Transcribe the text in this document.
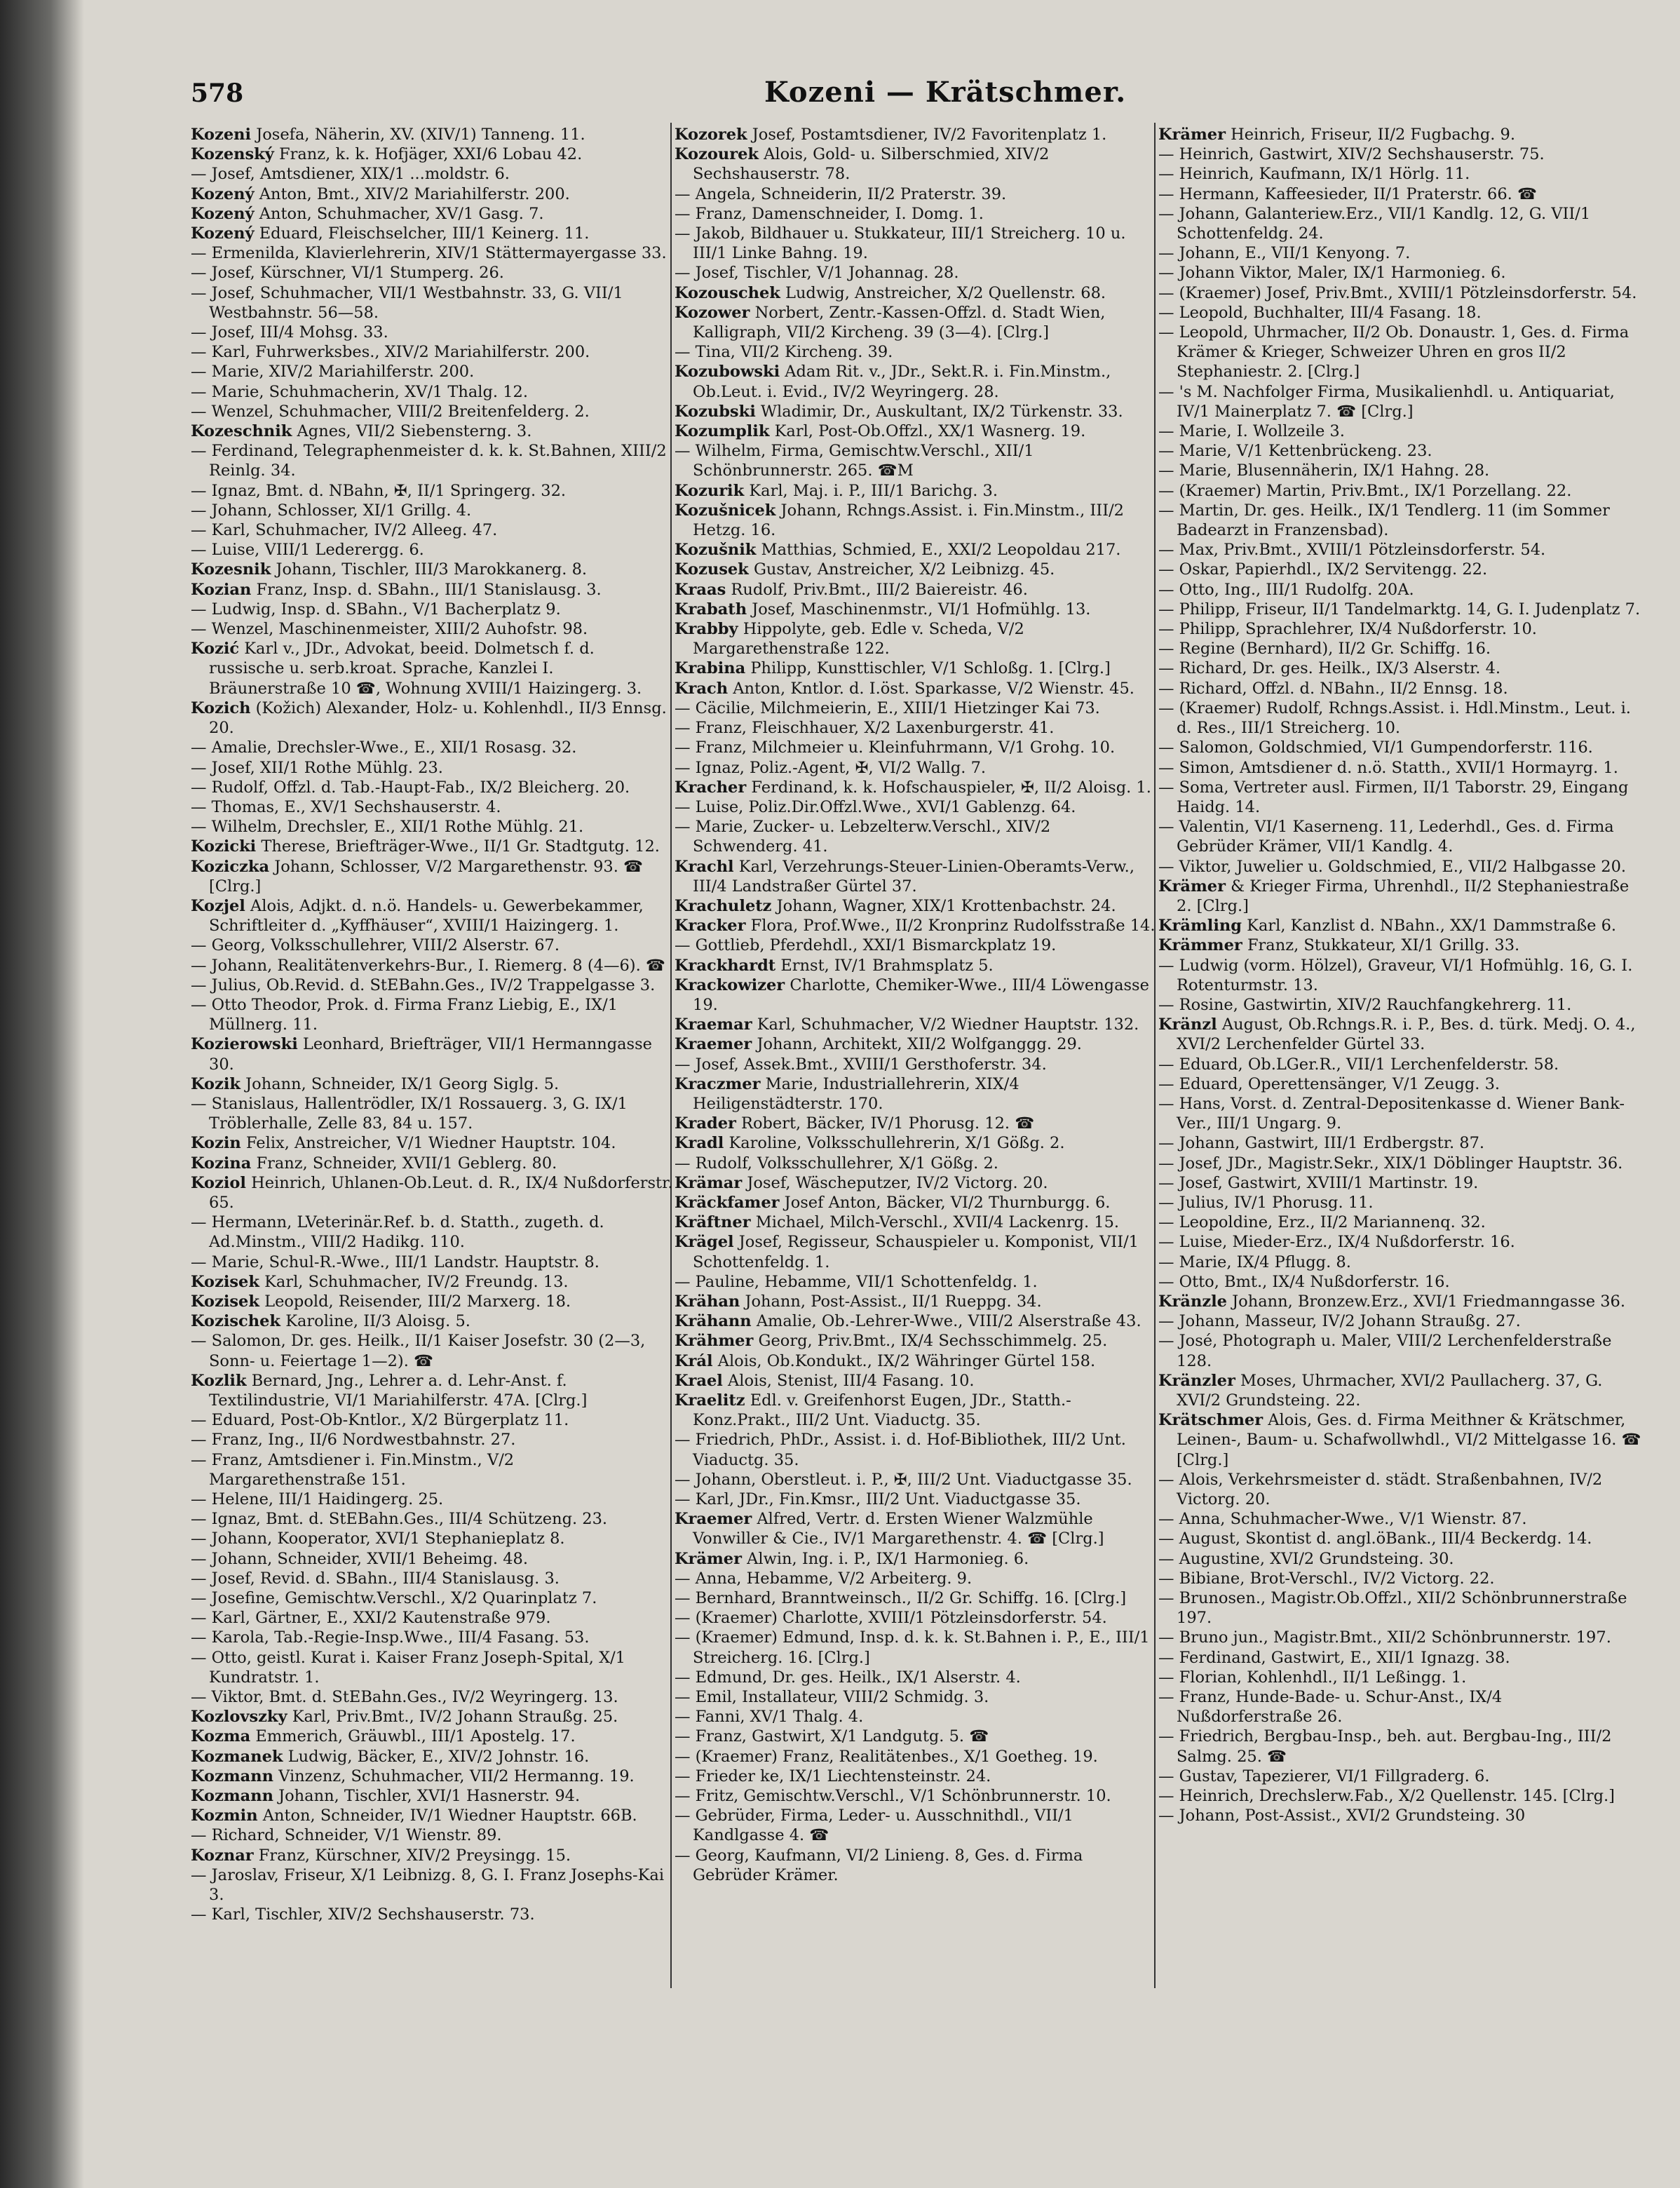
578	Kozeni — Krätschmer.

Kozeni Josefa, Näherin, XV. (XIV/1) Tanneng. 11.

Kozenský Franz, k. k. Hofjäger, XXI/6 Lobau 42.

— Josef, Amtsdiener, XIX/1 ...moldstr. 6.

Kozený Anton, Bmt., XIV/2 Mariahilferstr. 200.

Kozený Anton, Schuhmacher, XV/1 Gasg. 7.

Kozený Eduard, Fleischselcher, III/1 Keinerg. 11.

— Ermenilda, Klavierlehrerin, XIV/1 Stättermayergasse 33.

— Josef, Kürschner, VI/1 Stumperg. 26.

— Josef, Schuhmacher, VII/1 Westbahnstr. 33, G. VII/1 Westbahnstr. 56—58.

— Josef, III/4 Mohsg. 33.

— Karl, Fuhrwerksbes., XIV/2 Mariahilferstr. 200.

— Marie, XIV/2 Mariahilferstr. 200.

— Marie, Schuhmacherin, XV/1 Thalg. 12.

— Wenzel, Schuhmacher, VIII/2 Breitenfelderg. 2.

Kozeschnik Agnes, VII/2 Siebensterng. 3.

— Ferdinand, Telegraphenmeister d. k. k. St.Bahnen, XIII/2 Reinlg. 34.

— Ignaz, Bmt. d. NBahn, ✠, II/1 Springerg. 32.

— Johann, Schlosser, XI/1 Grillg. 4.

— Karl, Schuhmacher, IV/2 Alleeg. 47.

— Luise, VIII/1 Lederergg. 6.

Kozesnik Johann, Tischler, III/3 Marokkanerg. 8.

Kozian Franz, Insp. d. SBahn., III/1 Stanislausg. 3.

— Ludwig, Insp. d. SBahn., V/1 Bacherplatz 9.

— Wenzel, Maschinenmeister, XIII/2 Auhofstr. 98.

Kozić Karl v., JDr., Advokat, beeid. Dolmetsch f. d. russische u. serb.kroat. Sprache, Kanzlei I. Bräunerstraße 10 ☎, Wohnung XVIII/1 Haizingerg. 3.

Kozich (Kožich) Alexander, Holz- u. Kohlenhdl., II/3 Ennsg. 20.

— Amalie, Drechsler-Wwe., E., XII/1 Rosasg. 32.

— Josef, XII/1 Rothe Mühlg. 23.

— Rudolf, Offzl. d. Tab.-Haupt-Fab., IX/2 Bleicherg. 20.

— Thomas, E., XV/1 Sechshauserstr. 4.

— Wilhelm, Drechsler, E., XII/1 Rothe Mühlg. 21.

Kozicki Therese, Briefträger-Wwe., II/1 Gr. Stadtgutg. 12.

Koziczka Johann, Schlosser, V/2 Margarethenstr. 93. ☎ [Clrg.]

Kozjel Alois, Adjkt. d. n.ö. Handels- u. Gewerbekammer, Schriftleiter d. „Kyffhäuser“, XVIII/1 Haizingerg. 1.

— Georg, Volksschullehrer, VIII/2 Alserstr. 67.

— Johann, Realitätenverkehrs-Bur., I. Riemerg. 8 (4—6). ☎

— Julius, Ob.Revid. d. StEBahn.Ges., IV/2 Trappelgasse 3.

— Otto Theodor, Prok. d. Firma Franz Liebig, E., IX/1 Müllnerg. 11.

Kozierowski Leonhard, Briefträger, VII/1 Hermanngasse 30.

Kozik Johann, Schneider, IX/1 Georg Siglg. 5.

— Stanislaus, Hallentrödler, IX/1 Rossauerg. 3, G. IX/1 Tröblerhalle, Zelle 83, 84 u. 157.

Kozin Felix, Anstreicher, V/1 Wiedner Hauptstr. 104.

Kozina Franz, Schneider, XVII/1 Geblerg. 80.

Koziol Heinrich, Uhlanen-Ob.Leut. d. R., IX/4 Nußdorferstr. 65.

— Hermann, LVeterinär.Ref. b. d. Statth., zugeth. d. Ad.Minstm., VIII/2 Hadikg. 110.

— Marie, Schul-R.-Wwe., III/1 Landstr. Hauptstr. 8.

Kozisek Karl, Schuhmacher, IV/2 Freundg. 13.

Kozisek Leopold, Reisender, III/2 Marxerg. 18.

Kozischek Karoline, II/3 Aloisg. 5.

— Salomon, Dr. ges. Heilk., II/1 Kaiser Josefstr. 30 (2—3, Sonn- u. Feiertage 1—2). ☎

Kozlik Bernard, Jng., Lehrer a. d. Lehr-Anst. f. Textilindustrie, VI/1 Mariahilferstr. 47A. [Clrg.]

— Eduard, Post-Ob-Kntlor., X/2 Bürgerplatz 11.

— Franz, Ing., II/6 Nordwestbahnstr. 27.

— Franz, Amtsdiener i. Fin.Minstm., V/2 Margarethenstraße 151.

— Helene, III/1 Haidingerg. 25.

— Ignaz, Bmt. d. StEBahn.Ges., III/4 Schützeng. 23.

— Johann, Kooperator, XVI/1 Stephanieplatz 8.

— Johann, Schneider, XVII/1 Beheimg. 48.

— Josef, Revid. d. SBahn., III/4 Stanislausg. 3.

— Josefine, Gemischtw.Verschl., X/2 Quarinplatz 7.

— Karl, Gärtner, E., XXI/2 Kautenstraße 979.

— Karola, Tab.-Regie-Insp.Wwe., III/4 Fasang. 53.

— Otto, geistl. Kurat i. Kaiser Franz Joseph-Spital, X/1 Kundratstr. 1.

— Viktor, Bmt. d. StEBahn.Ges., IV/2 Weyringerg. 13.

Kozlovszky Karl, Priv.Bmt., IV/2 Johann Straußg. 25.

Kozma Emmerich, Gräuwbl., III/1 Apostelg. 17.

Kozmanek Ludwig, Bäcker, E., XIV/2 Johnstr. 16.

Kozmann Vinzenz, Schuhmacher, VII/2 Hermanng. 19.

Kozmann Johann, Tischler, XVI/1 Hasnerstr. 94.

Kozmin Anton, Schneider, IV/1 Wiedner Hauptstr. 66B.

— Richard, Schneider, V/1 Wienstr. 89.

Koznar Franz, Kürschner, XIV/2 Preysingg. 15.

— Jaroslav, Friseur, X/1 Leibnizg. 8, G. I. Franz Josephs-Kai 3.

— Karl, Tischler, XIV/2 Sechshauserstr. 73.

Kozorek Josef, Postamtsdiener, IV/2 Favoritenplatz 1.

Kozourek Alois, Gold- u. Silberschmied, XIV/2 Sechshauserstr. 78.

— Angela, Schneiderin, II/2 Praterstr. 39.

— Franz, Damenschneider, I. Domg. 1.

— Jakob, Bildhauer u. Stukkateur, III/1 Streicherg. 10 u. III/1 Linke Bahng. 19.

— Josef, Tischler, V/1 Johannag. 28.

Kozouschek Ludwig, Anstreicher, X/2 Quellenstr. 68.

Kozower Norbert, Zentr.-Kassen-Offzl. d. Stadt Wien, Kalligraph, VII/2 Kircheng. 39 (3—4). [Clrg.]

— Tina, VII/2 Kircheng. 39.

Kozubowski Adam Rit. v., JDr., Sekt.R. i. Fin.Minstm., Ob.Leut. i. Evid., IV/2 Weyringerg. 28.

Kozubski Wladimir, Dr., Auskultant, IX/2 Türkenstr. 33.

Kozumplik Karl, Post-Ob.Offzl., XX/1 Wasnerg. 19.

— Wilhelm, Firma, Gemischtw.Verschl., XII/1 Schönbrunnerstr. 265. ☎M

Kozurik Karl, Maj. i. P., III/1 Barichg. 3.

Kozušnicek Johann, Rchngs.Assist. i. Fin.Minstm., III/2 Hetzg. 16.

Kozušnik Matthias, Schmied, E., XXI/2 Leopoldau 217.

Kozusek Gustav, Anstreicher, X/2 Leibnizg. 45.

Kraas Rudolf, Priv.Bmt., III/2 Baiereistr. 46.

Krabath Josef, Maschinenmstr., VI/1 Hofmühlg. 13.

Krabby Hippolyte, geb. Edle v. Scheda, V/2 Margarethenstraße 122.

Krabina Philipp, Kunsttischler, V/1 Schloßg. 1. [Clrg.]

Krach Anton, Kntlor. d. I.öst. Sparkasse, V/2 Wienstr. 45.

— Cäcilie, Milchmeierin, E., XIII/1 Hietzinger Kai 73.

— Franz, Fleischhauer, X/2 Laxenburgerstr. 41.

— Franz, Milchmeier u. Kleinfuhrmann, V/1 Grohg. 10.

— Ignaz, Poliz.-Agent, ✠, VI/2 Wallg. 7.

Kracher Ferdinand, k. k. Hofschauspieler, ✠, II/2 Aloisg. 1.

— Luise, Poliz.Dir.Offzl.Wwe., XVI/1 Gablenzg. 64.

— Marie, Zucker- u. Lebzelterw.Verschl., XIV/2 Schwenderg. 41.

Krachl Karl, Verzehrungs-Steuer-Linien-Oberamts-Verw., III/4 Landstraßer Gürtel 37.

Krachuletz Johann, Wagner, XIX/1 Krottenbachstr. 24.

Kracker Flora, Prof.Wwe., II/2 Kronprinz Rudolfsstraße 14.

— Gottlieb, Pferdehdl., XXI/1 Bismarckplatz 19.

Krackhardt Ernst, IV/1 Brahmsplatz 5.

Krackowizer Charlotte, Chemiker-Wwe., III/4 Löwengasse 19.

Kraemar Karl, Schuhmacher, V/2 Wiedner Hauptstr. 132.

Kraemer Johann, Architekt, XII/2 Wolfganggg. 29.

— Josef, Assek.Bmt., XVIII/1 Gersthoferstr. 34.

Kraczmer Marie, Industriallehrerin, XIX/4 Heiligenstädterstr. 170.

Krader Robert, Bäcker, IV/1 Phorusg. 12. ☎

Kradl Karoline, Volksschullehrerin, X/1 Gößg. 2.

— Rudolf, Volksschullehrer, X/1 Gößg. 2.

Krämar Josef, Wäscheputzer, IV/2 Victorg. 20.

Kräckfamer Josef Anton, Bäcker, VI/2 Thurnburgg. 6.

Kräftner Michael, Milch-Verschl., XVII/4 Lackenrg. 15.

Krägel Josef, Regisseur, Schauspieler u. Komponist, VII/1 Schottenfeldg. 1.

— Pauline, Hebamme, VII/1 Schottenfeldg. 1.

Krähan Johann, Post-Assist., II/1 Rueppg. 34.

Krähann Amalie, Ob.-Lehrer-Wwe., VIII/2 Alserstraße 43.

Krähmer Georg, Priv.Bmt., IX/4 Sechsschimmelg. 25.

Král Alois, Ob.Kondukt., IX/2 Währinger Gürtel 158.

Krael Alois, Stenist, III/4 Fasang. 10.

Kraelitz Edl. v. Greifenhorst Eugen, JDr., Statth.-Konz.Prakt., III/2 Unt. Viaductg. 35.

— Friedrich, PhDr., Assist. i. d. Hof-Bibliothek, III/2 Unt. Viaductg. 35.

— Johann, Oberstleut. i. P., ✠, III/2 Unt. Viaductgasse 35.

— Karl, JDr., Fin.Kmsr., III/2 Unt. Viaductgasse 35.

Kraemer Alfred, Vertr. d. Ersten Wiener Walzmühle Vonwiller & Cie., IV/1 Margarethenstr. 4. ☎ [Clrg.]

Krämer Alwin, Ing. i. P., IX/1 Harmonieg. 6.

— Anna, Hebamme, V/2 Arbeiterg. 9.

— Bernhard, Branntweinsch., II/2 Gr. Schiffg. 16. [Clrg.]

— (Kraemer) Charlotte, XVIII/1 Pötzleinsdorferstr. 54.

— (Kraemer) Edmund, Insp. d. k. k. St.Bahnen i. P., E., III/1 Streicherg. 16. [Clrg.]

— Edmund, Dr. ges. Heilk., IX/1 Alserstr. 4.

— Emil, Installateur, VIII/2 Schmidg. 3.

— Fanni, XV/1 Thalg. 4.

— Franz, Gastwirt, X/1 Landgutg. 5. ☎

— (Kraemer) Franz, Realitätenbes., X/1 Goetheg. 19.

— Frieder ke, IX/1 Liechtensteinstr. 24.

— Fritz, Gemischtw.Verschl., V/1 Schönbrunnerstr. 10.

— Gebrüder, Firma, Leder- u. Ausschnithdl., VII/1 Kandlgasse 4. ☎

— Georg, Kaufmann, VI/2 Linieng. 8, Ges. d. Firma Gebrüder Krämer.

Krämer Heinrich, Friseur, II/2 Fugbachg. 9.

— Heinrich, Gastwirt, XIV/2 Sechshauserstr. 75.

— Heinrich, Kaufmann, IX/1 Hörlg. 11.

— Hermann, Kaffeesieder, II/1 Praterstr. 66. ☎

— Johann, Galanteriew.Erz., VII/1 Kandlg. 12, G. VII/1 Schottenfeldg. 24.

— Johann, E., VII/1 Kenyong. 7.

— Johann Viktor, Maler, IX/1 Harmonieg. 6.

— (Kraemer) Josef, Priv.Bmt., XVIII/1 Pötzleinsdorferstr. 54.

— Leopold, Buchhalter, III/4 Fasang. 18.

— Leopold, Uhrmacher, II/2 Ob. Donaustr. 1, Ges. d. Firma Krämer & Krieger, Schweizer Uhren en gros II/2 Stephaniestr. 2. [Clrg.]

— 's M. Nachfolger Firma, Musikalienhdl. u. Antiquariat, IV/1 Mainerplatz 7. ☎ [Clrg.]

— Marie, I. Wollzeile 3.

— Marie, V/1 Kettenbrückeng. 23.

— Marie, Blusennäherin, IX/1 Hahng. 28.

— (Kraemer) Martin, Priv.Bmt., IX/1 Porzellang. 22.

— Martin, Dr. ges. Heilk., IX/1 Tendlerg. 11 (im Sommer Badearzt in Franzensbad).

— Max, Priv.Bmt., XVIII/1 Pötzleinsdorferstr. 54.

— Oskar, Papierhdl., IX/2 Servitengg. 22.

— Otto, Ing., III/1 Rudolfg. 20A.

— Philipp, Friseur, II/1 Tandelmarktg. 14, G. I. Judenplatz 7.

— Philipp, Sprachlehrer, IX/4 Nußdorferstr. 10.

— Regine (Bernhard), II/2 Gr. Schiffg. 16.

— Richard, Dr. ges. Heilk., IX/3 Alserstr. 4.

— Richard, Offzl. d. NBahn., II/2 Ennsg. 18.

— (Kraemer) Rudolf, Rchngs.Assist. i. Hdl.Minstm., Leut. i. d. Res., III/1 Streicherg. 10.

— Salomon, Goldschmied, VI/1 Gumpendorferstr. 116.

— Simon, Amtsdiener d. n.ö. Statth., XVII/1 Hormayrg. 1.

— Soma, Vertreter ausl. Firmen, II/1 Taborstr. 29, Eingang Haidg. 14.

— Valentin, VI/1 Kaserneng. 11, Lederhdl., Ges. d. Firma Gebrüder Krämer, VII/1 Kandlg. 4.

— Viktor, Juwelier u. Goldschmied, E., VII/2 Halbgasse 20.

Krämer & Krieger Firma, Uhrenhdl., II/2 Stephaniestraße 2. [Clrg.]

Krämling Karl, Kanzlist d. NBahn., XX/1 Dammstraße 6.

Krämmer Franz, Stukkateur, XI/1 Grillg. 33.

— Ludwig (vorm. Hölzel), Graveur, VI/1 Hofmühlg. 16, G. I. Rotenturmstr. 13.

— Rosine, Gastwirtin, XIV/2 Rauchfangkehrerg. 11.

Kränzl August, Ob.Rchngs.R. i. P., Bes. d. türk. Medj. O. 4., XVI/2 Lerchenfelder Gürtel 33.

— Eduard, Ob.LGer.R., VII/1 Lerchenfelderstr. 58.

— Eduard, Operettensänger, V/1 Zeugg. 3.

— Hans, Vorst. d. Zentral-Depositenkasse d. Wiener Bank-Ver., III/1 Ungarg. 9.

— Johann, Gastwirt, III/1 Erdbergstr. 87.

— Josef, JDr., Magistr.Sekr., XIX/1 Döblinger Hauptstr. 36.

— Josef, Gastwirt, XVIII/1 Martinstr. 19.

— Julius, IV/1 Phorusg. 11.

— Leopoldine, Erz., II/2 Mariannenq. 32.

— Luise, Mieder-Erz., IX/4 Nußdorferstr. 16.

— Marie, IX/4 Pflugg. 8.

— Otto, Bmt., IX/4 Nußdorferstr. 16.

Kränzle Johann, Bronzew.Erz., XVI/1 Friedmanngasse 36.

— Johann, Masseur, IV/2 Johann Straußg. 27.

— José, Photograph u. Maler, VIII/2 Lerchenfelderstraße 128.

Kränzler Moses, Uhrmacher, XVI/2 Paullacherg. 37, G. XVI/2 Grundsteing. 22.

Krätschmer Alois, Ges. d. Firma Meithner & Krätschmer, Leinen-, Baum- u. Schafwollwhdl., VI/2 Mittelgasse 16. ☎ [Clrg.]

— Alois, Verkehrsmeister d. städt. Straßenbahnen, IV/2 Victorg. 20.

— Anna, Schuhmacher-Wwe., V/1 Wienstr. 87.

— August, Skontist d. angl.öBank., III/4 Beckerdg. 14.

— Augustine, XVI/2 Grundsteing. 30.

— Bibiane, Brot-Verschl., IV/2 Victorg. 22.

— Brunosen., Magistr.Ob.Offzl., XII/2 Schönbrunnerstraße 197.

— Bruno jun., Magistr.Bmt., XII/2 Schönbrunnerstr. 197.

— Ferdinand, Gastwirt, E., XII/1 Ignazg. 38.

— Florian, Kohlenhdl., II/1 Leßingg. 1.

— Franz, Hunde-Bade- u. Schur-Anst., IX/4 Nußdorferstraße 26.

— Friedrich, Bergbau-Insp., beh. aut. Bergbau-Ing., III/2 Salmg. 25. ☎

— Gustav, Tapezierer, VI/1 Fillgraderg. 6.

— Heinrich, Drechslerw.Fab., X/2 Quellenstr. 145. [Clrg.]

— Johann, Post-Assist., XVI/2 Grundsteing. 30
